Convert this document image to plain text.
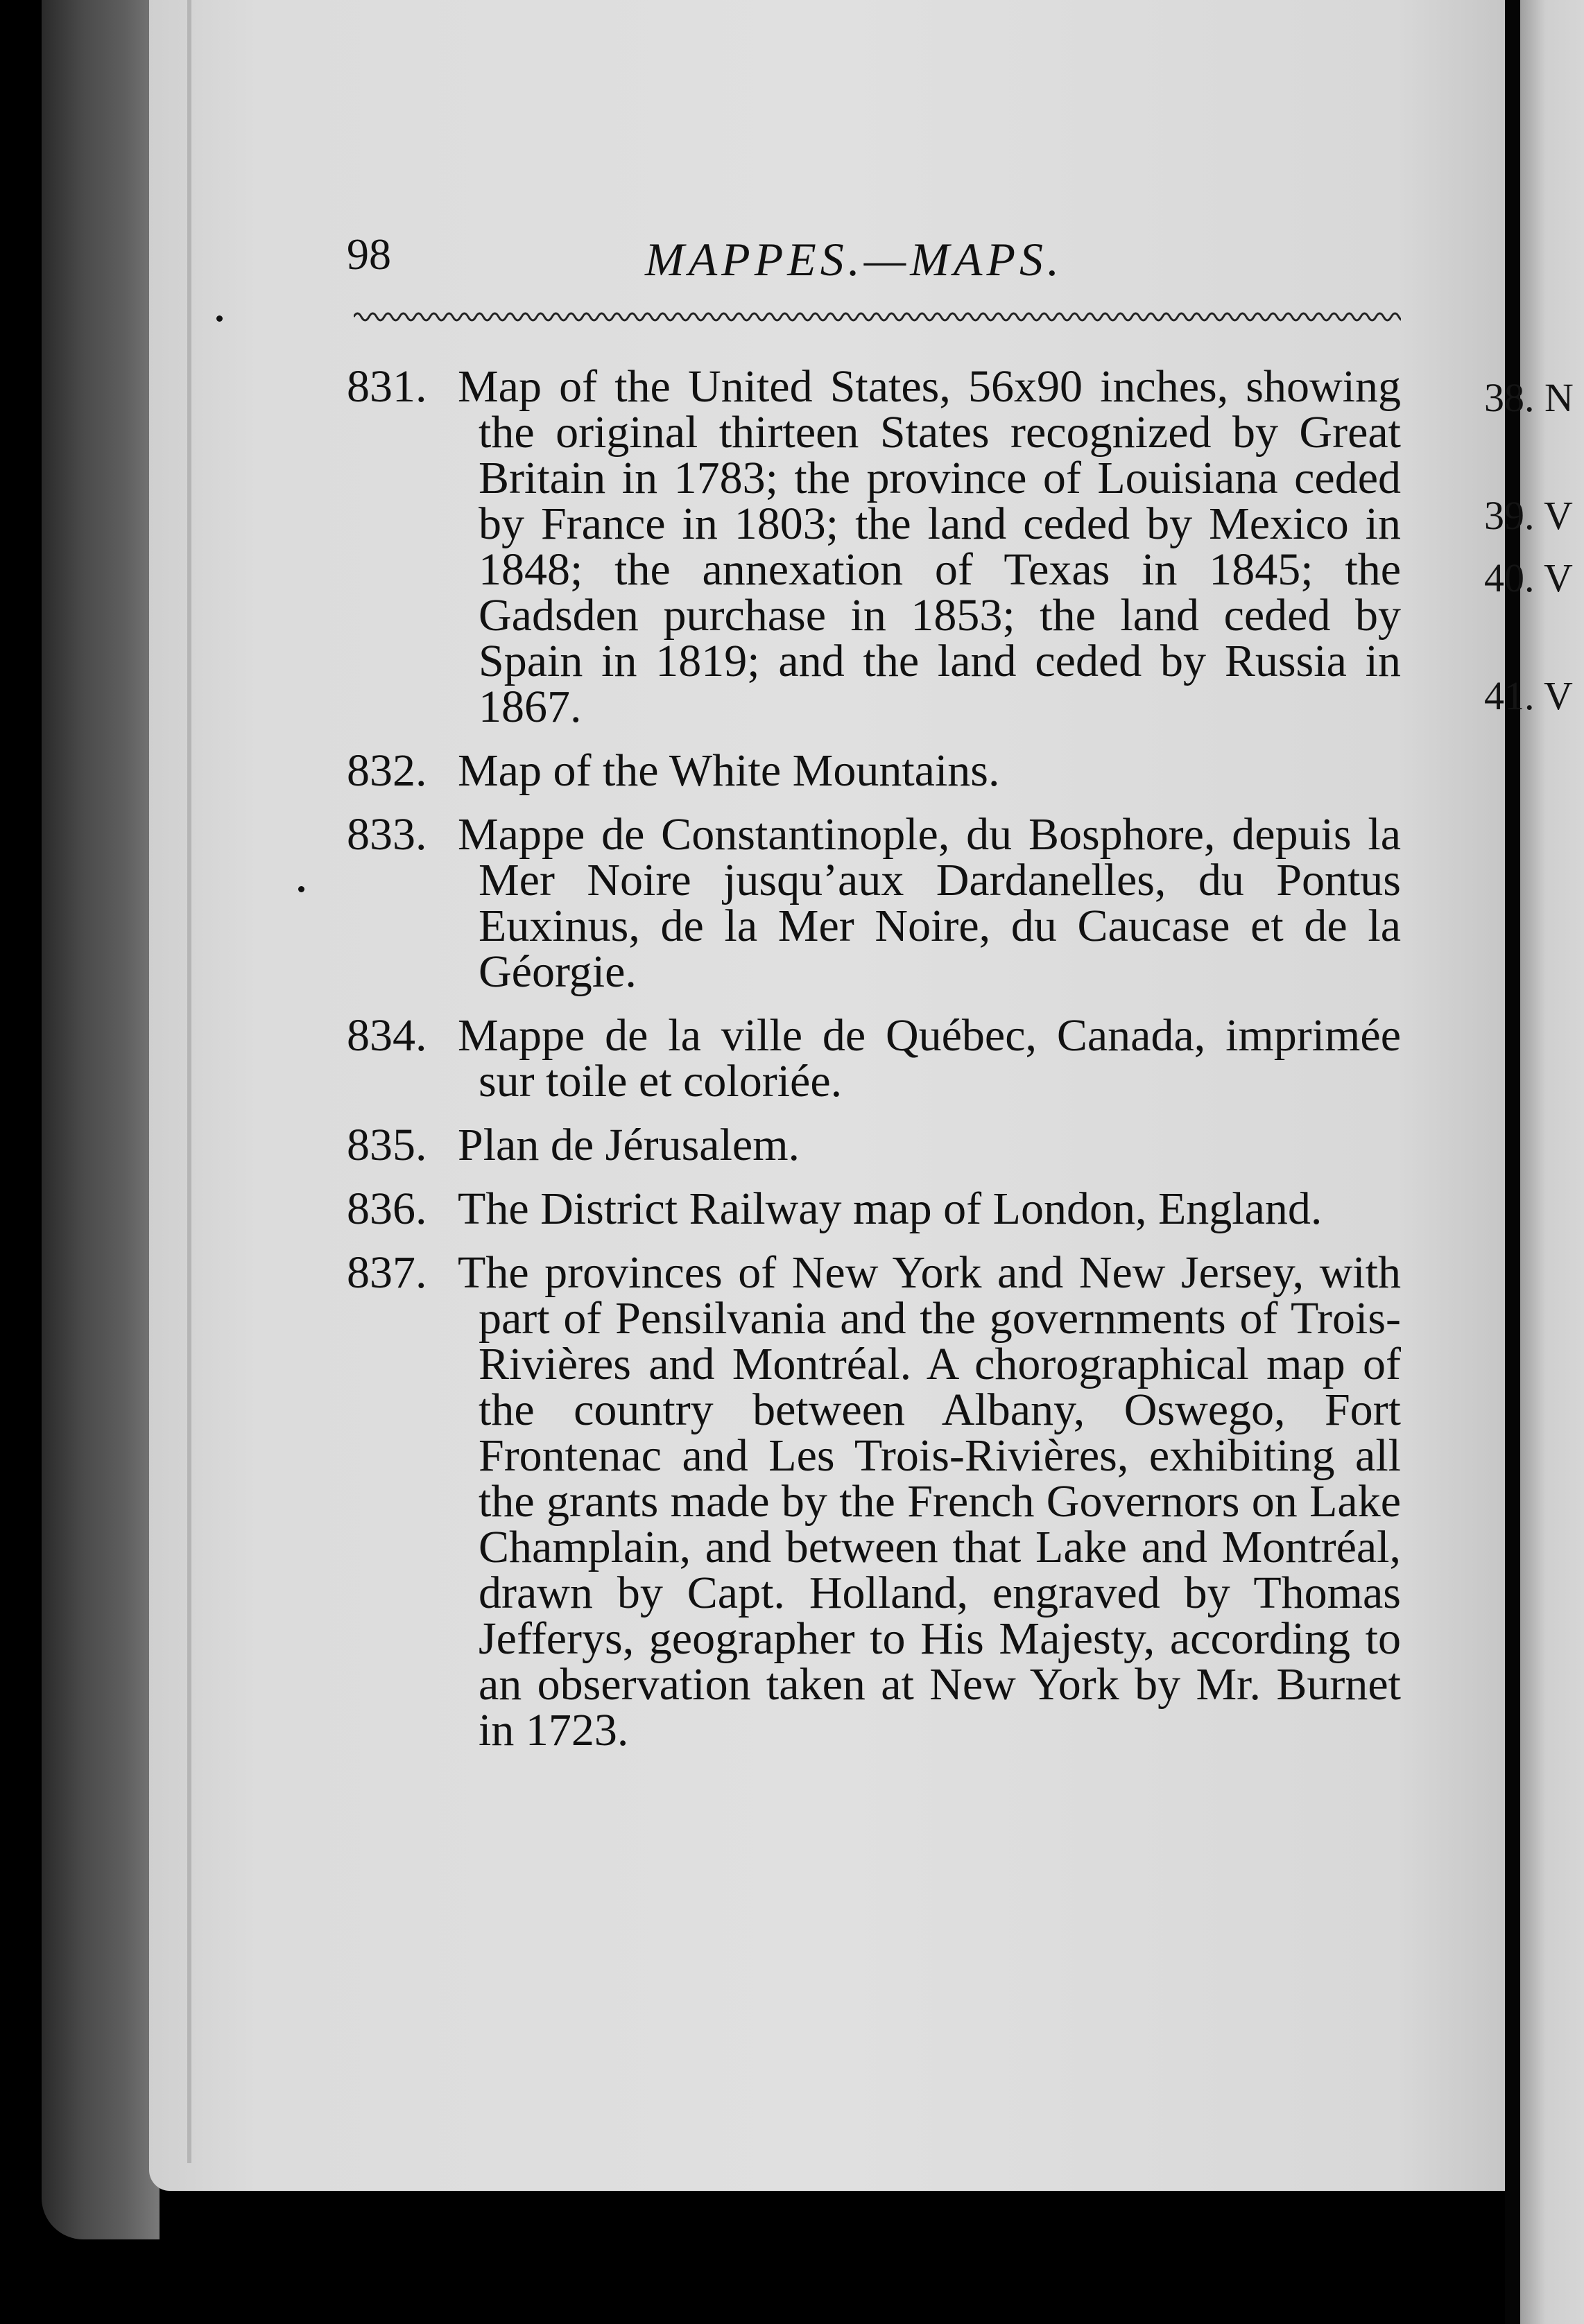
38. N
39. V
40. V
41. V
98	MAPPES.—MAPS.
831. Map of the United States, 56x90 inches, showing the original thirteen States recognized by Great Britain in 1783; the province of Louisiana ceded by France in 1803; the land ceded by Mexico in 1848; the annexation of Texas in 1845; the Gadsden purchase in 1853; the land ceded by Spain in 1819; and the land ceded by Russia in 1867.
832. Map of the White Mountains.
833. Mappe de Constantinople, du Bosphore, depuis la Mer Noire jusqu’aux Dardanelles, du Pontus Euxinus, de la Mer Noire, du Caucase et de la Géorgie.
834. Mappe de la ville de Québec, Canada, imprimée sur toile et coloriée.
835. Plan de Jérusalem.
836. The District Railway map of London, England.
837. The provinces of New York and New Jersey, with part of Pensilvania and the governments of Trois-Rivières and Montréal. A chorographical map of the country between Albany, Oswego, Fort Frontenac and Les Trois-Rivières, exhibiting all the grants made by the French Governors on Lake Champlain, and between that Lake and Montréal, drawn by Capt. Holland, engraved by Thomas Jefferys, geographer to His Majesty, according to an observation taken at New York by Mr. Burnet in 1723.
